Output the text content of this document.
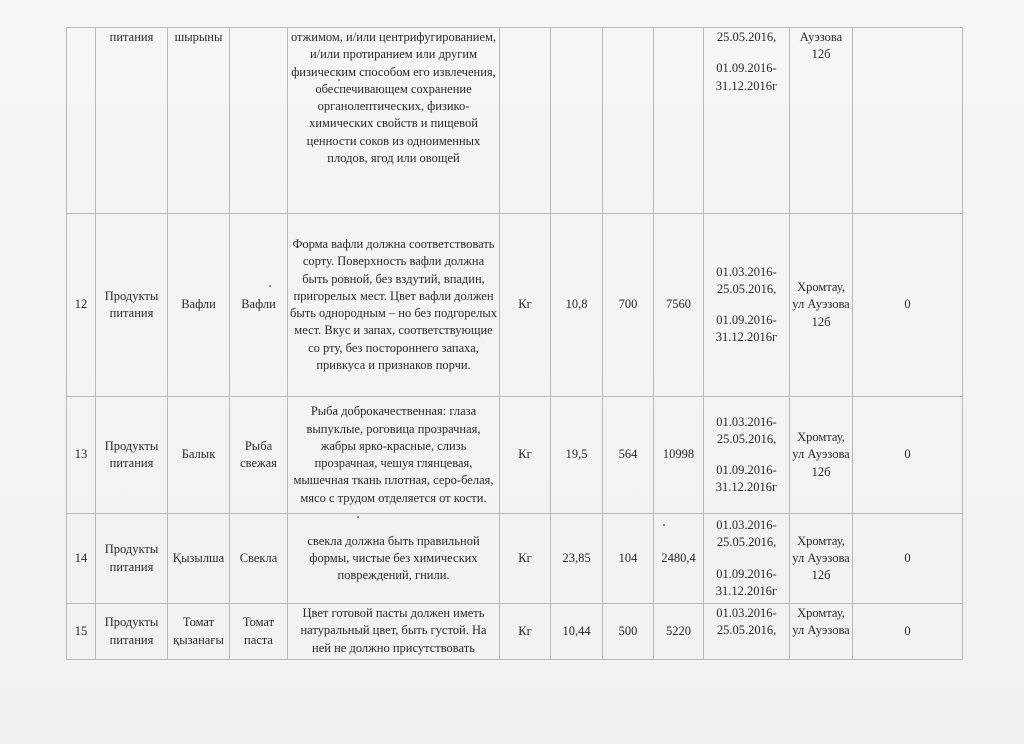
	питания	шырыны		отжимом, и/или центрифугированием, и/или протиранием или другим физическим способом его извлечения, обеспечивающем сохранение органолептических, физико-химических свойств и пищевой ценности соков из одноименных плодов, ягод или овощей					25.05.2016,
01.09.2016-31.12.2016г	Ауэзова 12б	
12	Продукты питания	Вафли	Вафли	Форма вафли должна соответствовать сорту. Поверхность вафли должна быть ровной, без вздутий, впадин, пригорелых мест. Цвет вафли должен быть однородным – но без подгорелых мест. Вкус и запах, соответствующие со рту, без постороннего запаха, привкуса и признаков порчи.	Кг	10,8	700	7560	01.03.2016-25.05.2016,
01.09.2016-31.12.2016г	Хромтау, ул Ауэзова 12б	0
13	Продукты питания	Балык	Рыба свежая	Рыба доброкачественная: глаза выпуклые, роговица прозрачная, жабры ярко-красные, слизь прозрачная, чешуя глянцевая, мышечная ткань плотная, серо-белая, мясо с трудом отделяется от кости.	Кг	19,5	564	10998	01.03.2016-25.05.2016,
01.09.2016-31.12.2016г	Хромтау, ул Ауэзова 12б	0
14	Продукты питания	Қызылша	Свекла	свекла должна быть правильной формы, чистые без химических повреждений, гнили.	Кг	23,85	104	2480,4	01.03.2016-25.05.2016,
01.09.2016-31.12.2016г	Хромтау, ул Ауэзова 12б	0
15	Продукты питания	Томат қызанағы	Томат паста	Цвет готовой пасты должен иметь натуральный цвет, быть густой. На ней не должно присутствовать	Кг	10,44	500	5220	01.03.2016-25.05.2016,	Хромтау, ул Ауэзова	0
